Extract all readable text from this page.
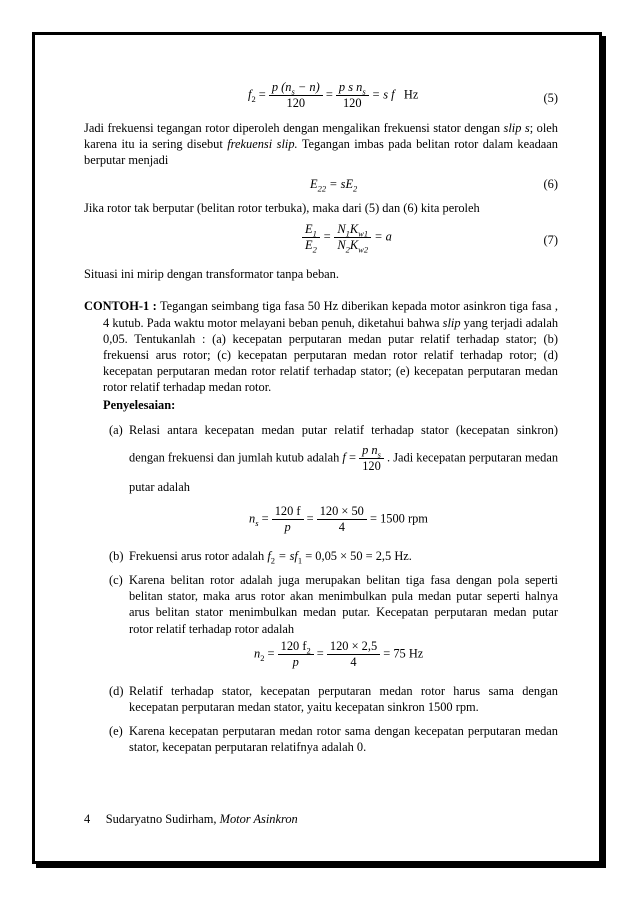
$f_2 = \frac{p (n_s - n)}{120} = \frac{p s n_s}{120} = s$ f Hz	(5)

Jadi frekuensi tegangan rotor diperoleh dengan mengalikan frekuensi stator dengan slip s; oleh karena itu ia sering disebut frekuensi slip. Tegangan imbas pada belitan rotor dalam keadaan berputar menjadi

$E_{22} = sE_2$	(6)

Jika rotor tak berputar (belitan rotor terbuka), maka dari (5) dan (6) kita peroleh

$\frac{E_1}{E_2} = \frac{N_1K_{w1}}{N_2K_{w2}} = a$	(7)

Situasi ini mirip dengan transformator tanpa beban.

CONTOH-1 : Tegangan seimbang tiga fasa 50 Hz diberikan kepada motor asinkron tiga fasa , 4 kutub. Pada waktu motor melayani beban penuh, diketahui bahwa slip yang terjadi adalah 0,05. Tentukanlah : (a) kecepatan perputaran medan putar relatif terhadap stator; (b) frekuensi arus rotor; (c) kecepatan perputaran medan rotor relatif terhadap rotor; (d) kecepatan perputaran medan rotor relatif terhadap stator; (e) kecepatan perputaran medan rotor relatif terhadap medan rotor.

Penyelesaian:

(a) Relasi antara kecepatan medan putar relatif terhadap stator (kecepatan sinkron) dengan frekuensi dan jumlah kutub adalah $f = \frac{p n_s}{120}$ . Jadi kecepatan perputaran medan putar adalah
$n_s = \frac{120 f}{p} = \frac{120 \times 50}{4} = 1500$ rpm
(b) Frekuensi arus rotor adalah $f_2 = sf_1 = 0,05 \times 50 = 2,5$ Hz.
(c) Karena belitan rotor adalah juga merupakan belitan tiga fasa dengan pola seperti belitan stator, maka arus rotor akan menimbulkan pula medan putar seperti halnya arus belitan stator menimbulkan medan putar. Kecepatan perputaran medan putar rotor relatif terhadap rotor adalah
$n_2 = \frac{120 f_2}{p} = \frac{120 \times 2,5}{4} = 75$ Hz
(d) Relatif terhadap stator, kecepatan perputaran medan rotor harus sama dengan kecepatan perputaran medan stator, yaitu kecepatan sinkron 1500 rpm.
(e) Karena kecepatan perputaran medan rotor sama dengan kecepatan perputaran medan stator, kecepatan perputaran relatifnya adalah 0.
4 Sudaryatno Sudirham, Motor Asinkron
